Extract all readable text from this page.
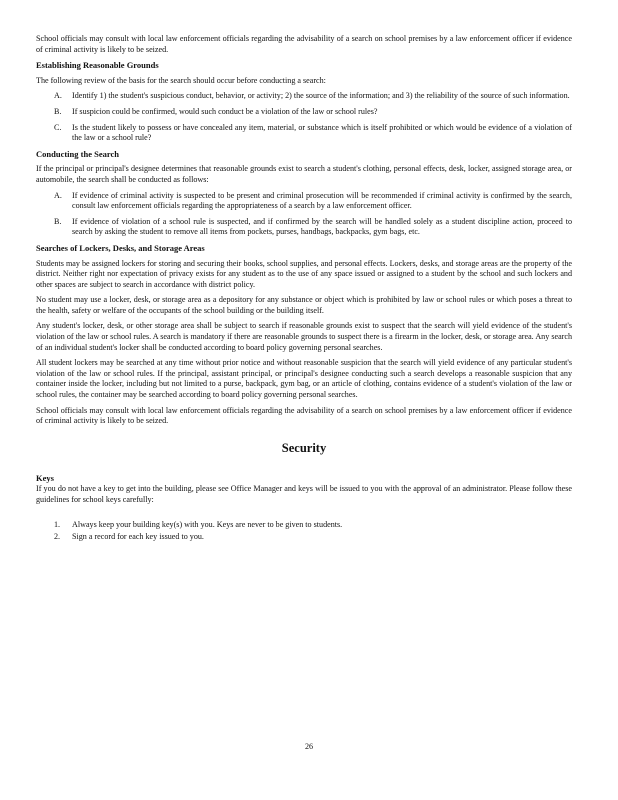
School officials may consult with local law enforcement officials regarding the advisability of a search on school premises by a law enforcement officer if evidence of criminal activity is likely to be seized.

Establishing Reasonable Grounds

The following review of the basis for the search should occur before conducting a search:

A. Identify 1) the student's suspicious conduct, behavior, or activity; 2) the source of the information; and 3) the reliability of the source of such information.
B. If suspicion could be confirmed, would such conduct be a violation of the law or school rules?
C. Is the student likely to possess or have concealed any item, material, or substance which is itself prohibited or which would be evidence of a violation of the law or a school rule?
Conducting the Search

If the principal or principal's designee determines that reasonable grounds exist to search a student's clothing, personal effects, desk, locker, assigned storage area, or automobile, the search shall be conducted as follows:

A. If evidence of criminal activity is suspected to be present and criminal prosecution will be recommended if criminal activity is confirmed by the search, consult law enforcement officials regarding the appropriateness of a search by a law enforcement officer.
B. If evidence of violation of a school rule is suspected, and if confirmed by the search will be handled solely as a student discipline action, proceed to search by asking the student to remove all items from pockets, purses, handbags, backpacks, gym bags, etc.
Searches of Lockers, Desks, and Storage Areas

Students may be assigned lockers for storing and securing their books, school supplies, and personal effects. Lockers, desks, and storage areas are the property of the district. Neither right nor expectation of privacy exists for any student as to the use of any space issued or assigned to a student by the school and such lockers and other spaces are subject to search in accordance with district policy.

No student may use a locker, desk, or storage area as a depository for any substance or object which is prohibited by law or school rules or which poses a threat to the health, safety or welfare of the occupants of the school building or the building itself.

Any student's locker, desk, or other storage area shall be subject to search if reasonable grounds exist to suspect that the search will yield evidence of the student's violation of the law or school rules. A search is mandatory if there are reasonable grounds to suspect there is a firearm in the locker, desk, or storage area. Any search of an individual student's locker shall be conducted according to board policy governing personal searches.

All student lockers may be searched at any time without prior notice and without reasonable suspicion that the search will yield evidence of any particular student's violation of the law or school rules. If the principal, assistant principal, or principal's designee conducting such a search develops a reasonable suspicion that any container inside the locker, including but not limited to a purse, backpack, gym bag, or an article of clothing, contains evidence of a student's violation of the law or school rules, the container may be searched according to board policy governing personal searches.

School officials may consult with local law enforcement officials regarding the advisability of a search on school premises by a law enforcement officer if evidence of criminal activity is likely to be seized.

Security
Keys

If you do not have a key to get into the building, please see Office Manager and keys will be issued to you with the approval of an administrator. Please follow these guidelines for school keys carefully:

1. Always keep your building key(s) with you. Keys are never to be given to students.
2. Sign a record for each key issued to you.
26
